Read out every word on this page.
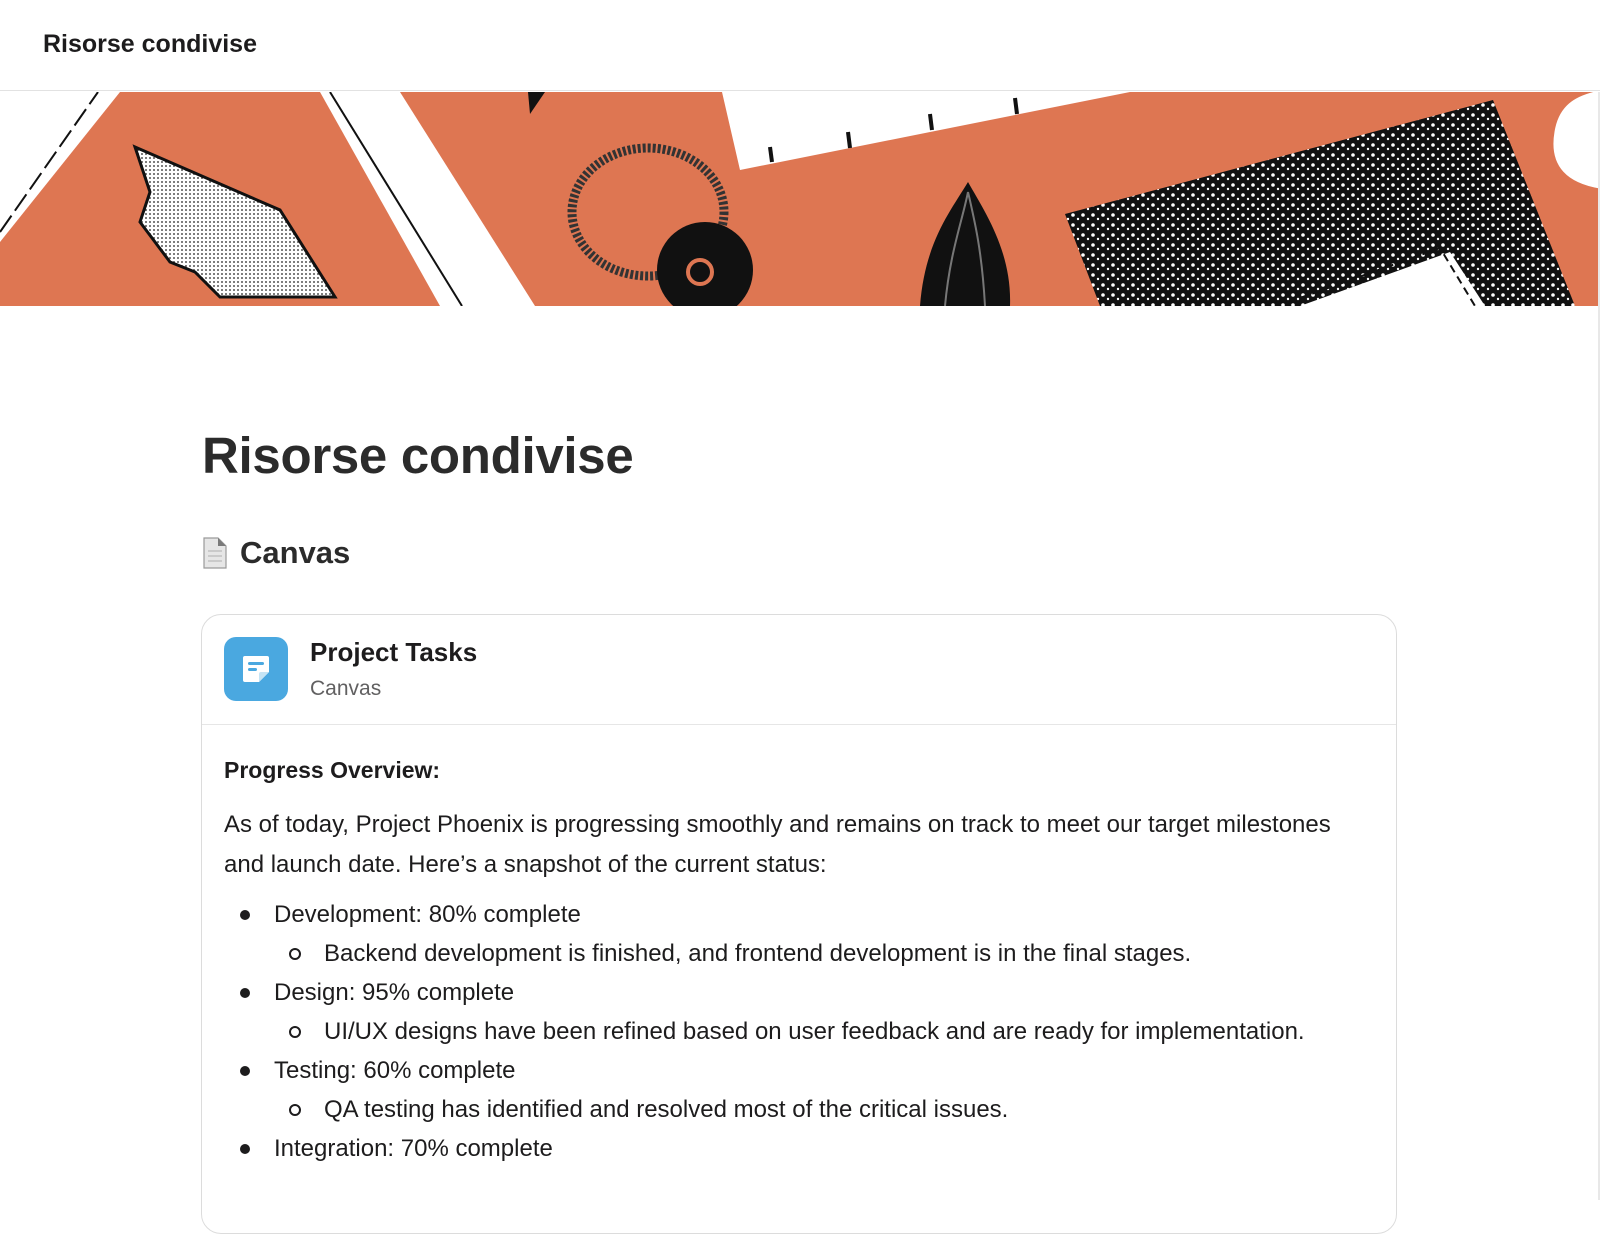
Risorse condivise
Risorse condivise
Canvas
Project Tasks
Canvas

Progress Overview:

As of today, Project Phoenix is progressing smoothly and remains on track to meet our target milestones and launch date. Here’s a snapshot of the current status:

Development: 80% complete
Backend development is finished, and frontend development is in the final stages.
Design: 95% complete
UI/UX designs have been refined based on user feedback and are ready for implementation.
Testing: 60% complete
QA testing has identified and resolved most of the critical issues.
Integration: 70% complete
